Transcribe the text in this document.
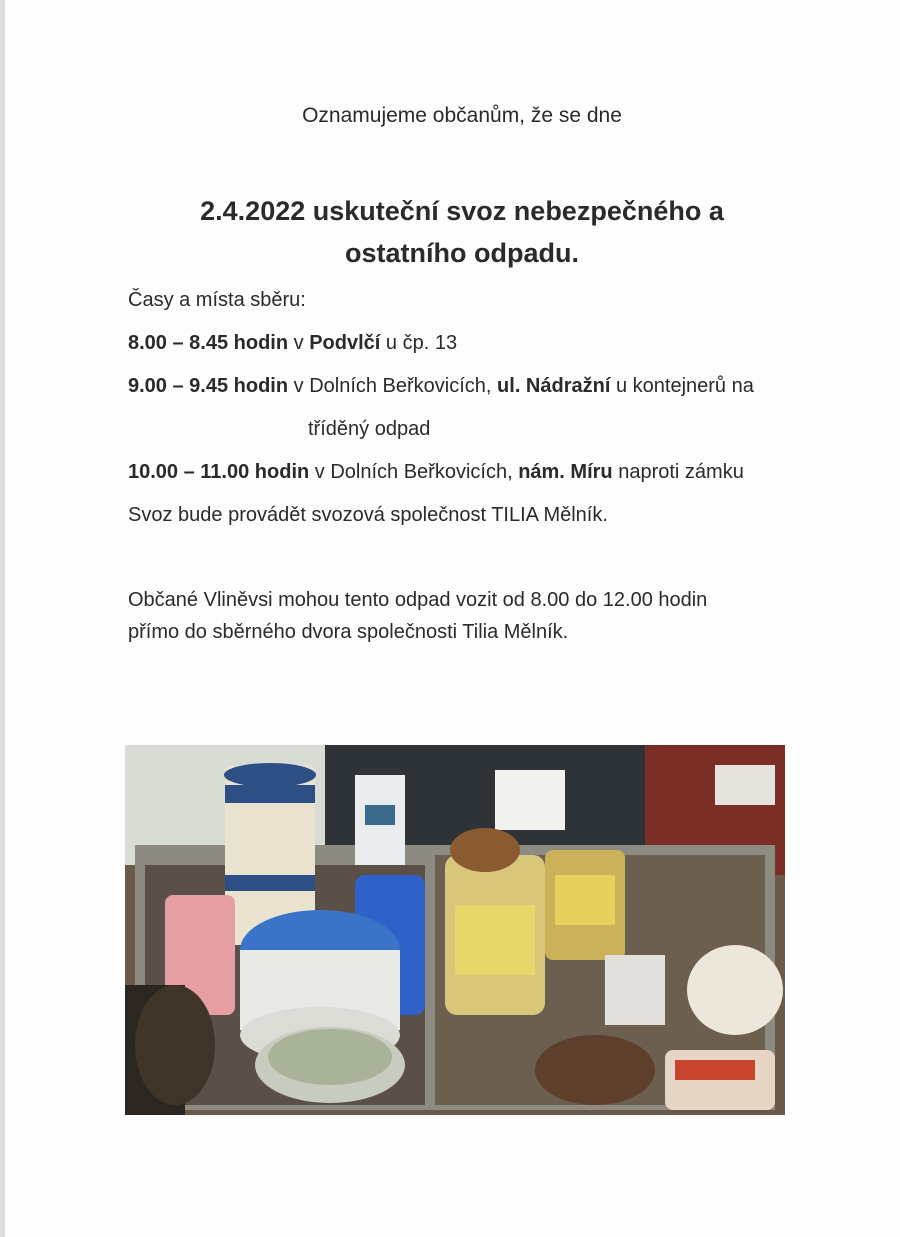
Oznamujeme občanům, že se dne
2.4.2022 uskuteční svoz nebezpečného a
ostatního odpadu.
Časy a místa sběru:
8.00 – 8.45 hodin v Podvlčí u čp. 13
9.00 – 9.45 hodin v Dolních Beřkovicích, ul. Nádražní u kontejnerů na
tříděný odpad
10.00 – 11.00 hodin v Dolních Beřkovicích, nám. Míru naproti zámku
Svoz bude provádět svozová společnost TILIA Mělník.
Občané Vliněvsi mohou tento odpad vozit od 8.00 do 12.00 hodin
přímo do sběrného dvora společnosti Tilia Mělník.
